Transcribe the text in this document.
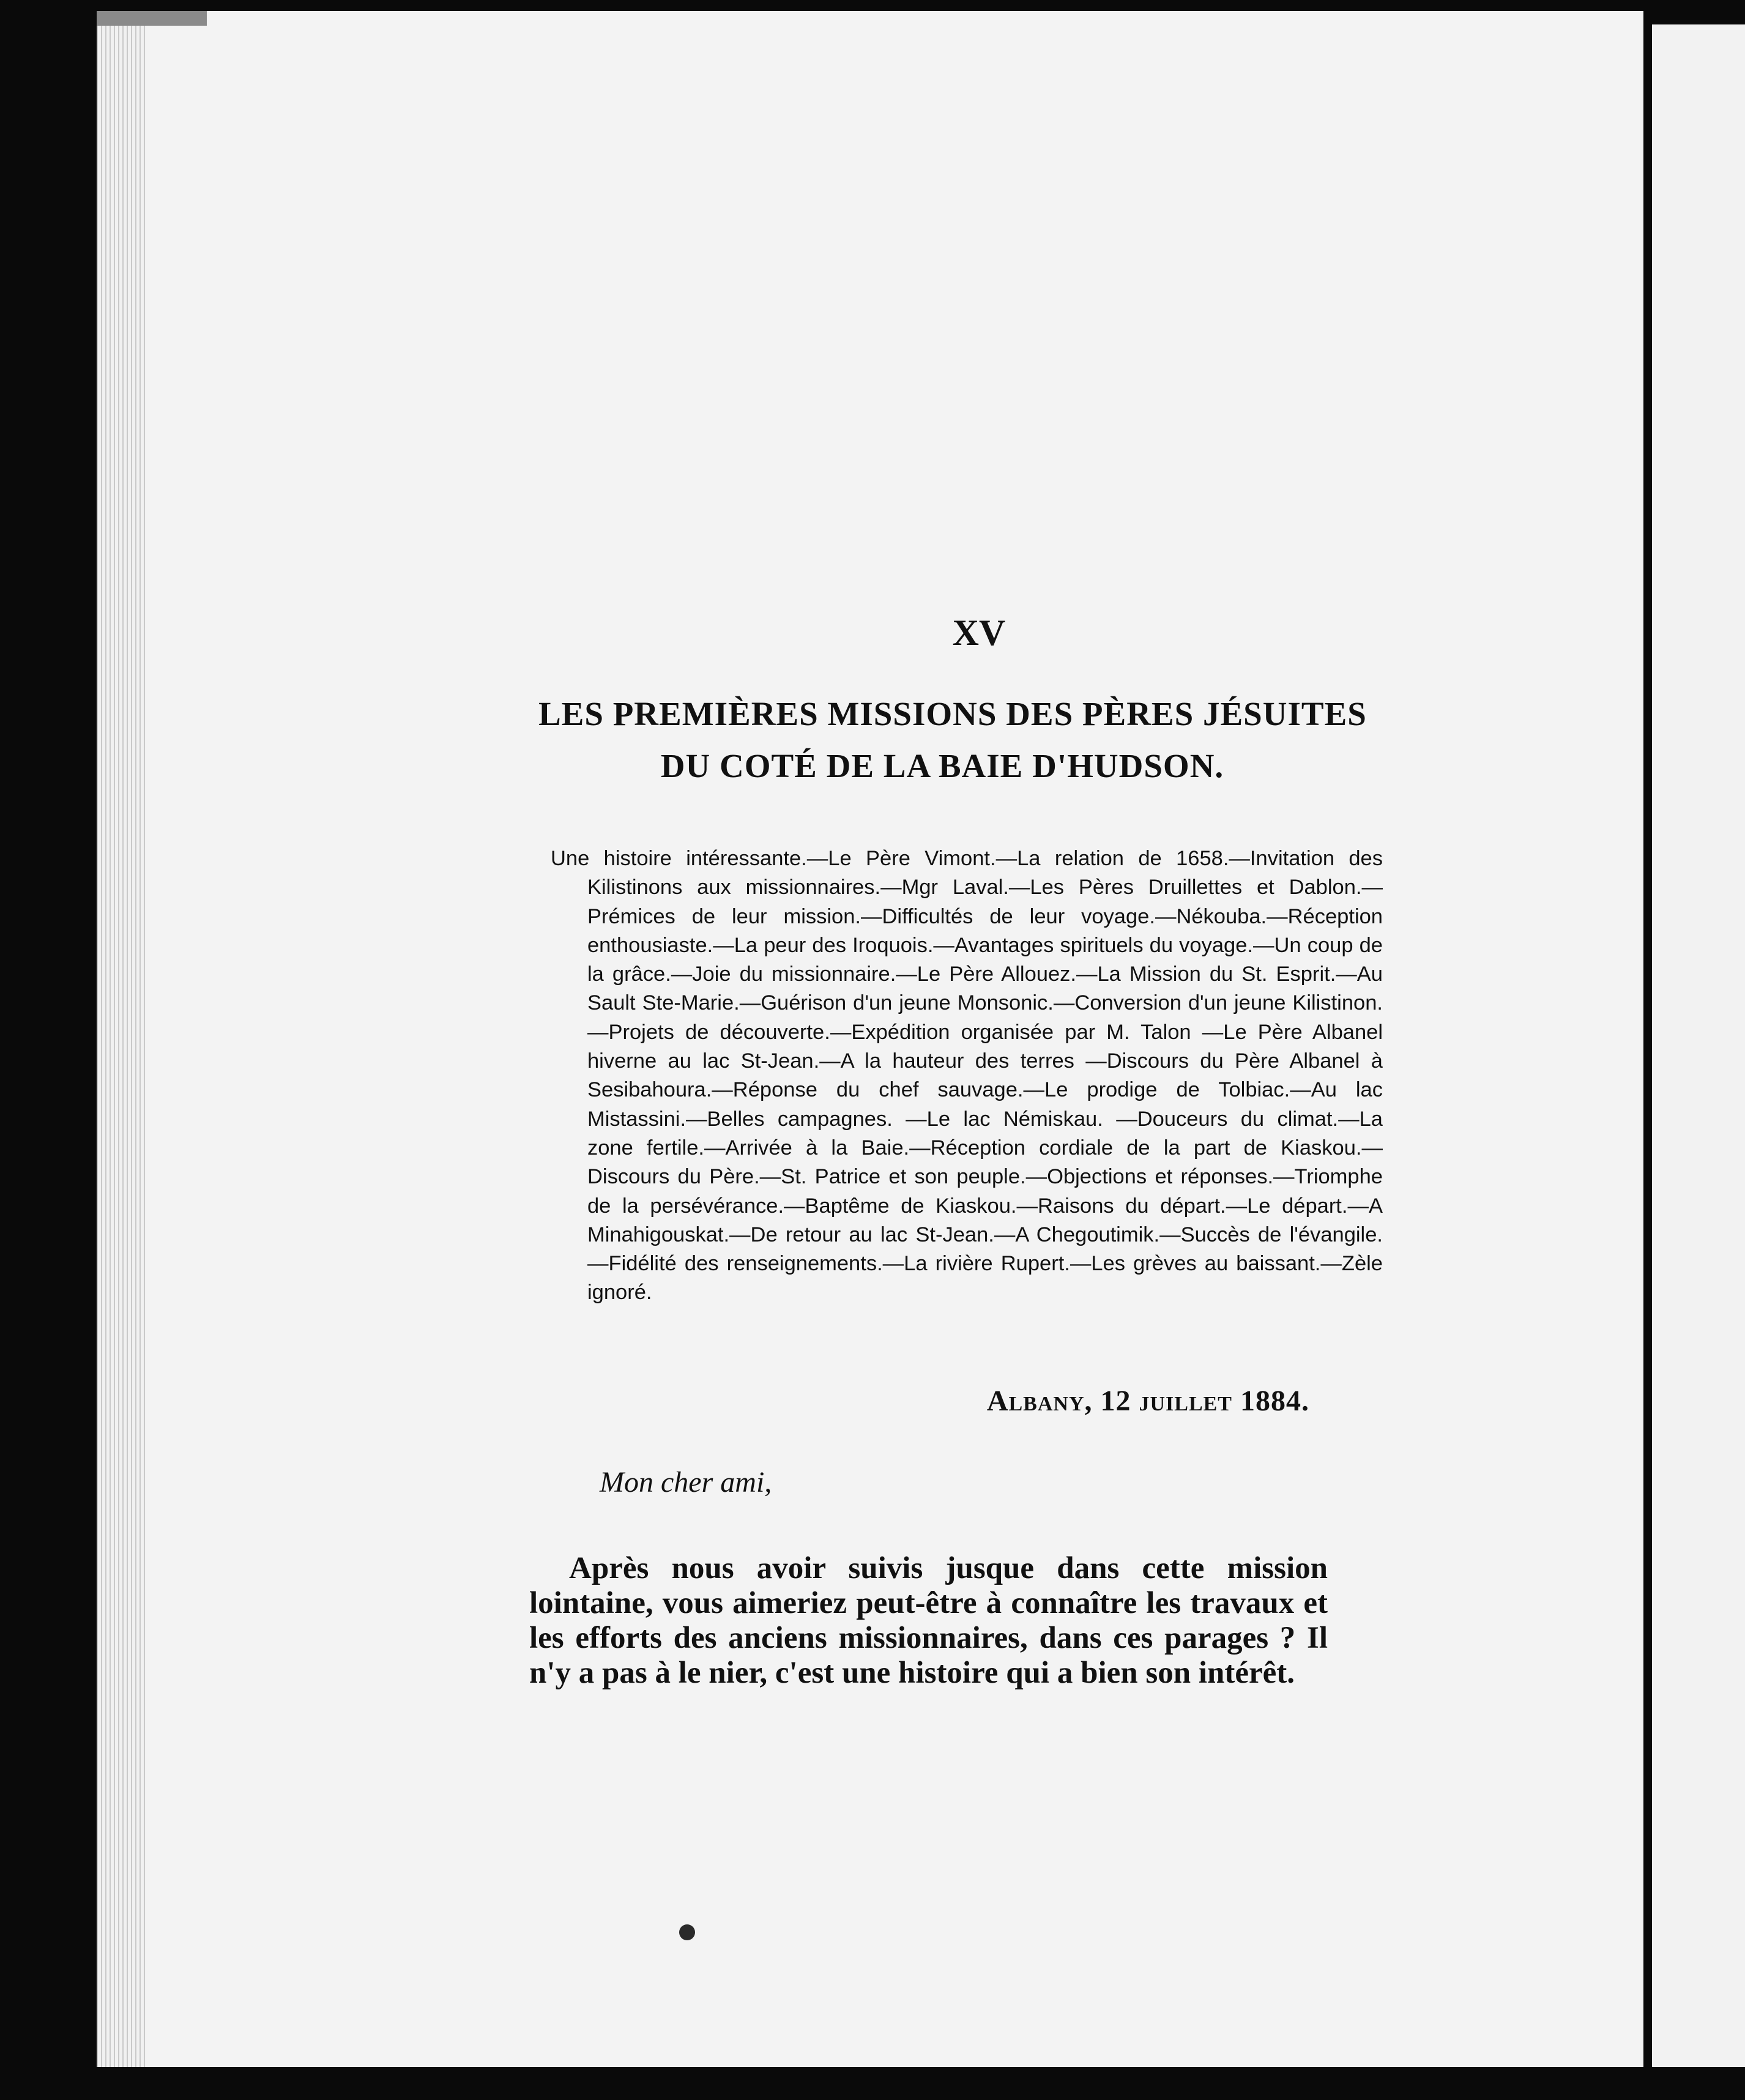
XV
LES PREMIÈRES MISSIONS DES PÈRES JÉSUITES
DU COTÉ DE LA BAIE D'HUDSON.
Une histoire intéressante.—Le Père Vimont.—La relation de 1658.—Invitation des Kilistinons aux missionnaires.—Mgr Laval.—Les Pères Druillettes et Dablon.—Prémices de leur mission.—Difficultés de leur voyage.—Nékouba.—Réception enthousiaste.—La peur des Iroquois.—Avantages spirituels du voyage.—Un coup de la grâce.—Joie du missionnaire.—Le Père Allouez.—La Mission du St. Esprit.—Au Sault Ste-Marie.—Guérison d'un jeune Monsonic.—Conversion d'un jeune Kilistinon.—Projets de découverte.—Expédition organisée par M. Talon —Le Père Albanel hiverne au lac St-Jean.—A la hauteur des terres —Discours du Père Albanel à Sesibahoura.—Réponse du chef sauvage.—Le prodige de Tolbiac.—Au lac Mistassini.—Belles campagnes. —Le lac Némiskau. —Douceurs du climat.—La zone fertile.—Arrivée à la Baie.—Réception cordiale de la part de Kiaskou.—Discours du Père.—St. Patrice et son peuple.—Objections et réponses.—Triomphe de la persévérance.—Baptême de Kiaskou.—Raisons du départ.—Le départ.—A Minahigouskat.—De retour au lac St-Jean.—A Chegoutimik.—Succès de l'évangile.—Fidélité des renseignements.—La rivière Rupert.—Les grèves au baissant.—Zèle ignoré.
Albany, 12 juillet 1884.
Mon cher ami,
Après nous avoir suivis jusque dans cette mission lointaine, vous aimeriez peut-être à connaître les travaux et les efforts des anciens missionnaires, dans ces parages ? Il n'y a pas à le nier, c'est une histoire qui a bien son intérêt.
